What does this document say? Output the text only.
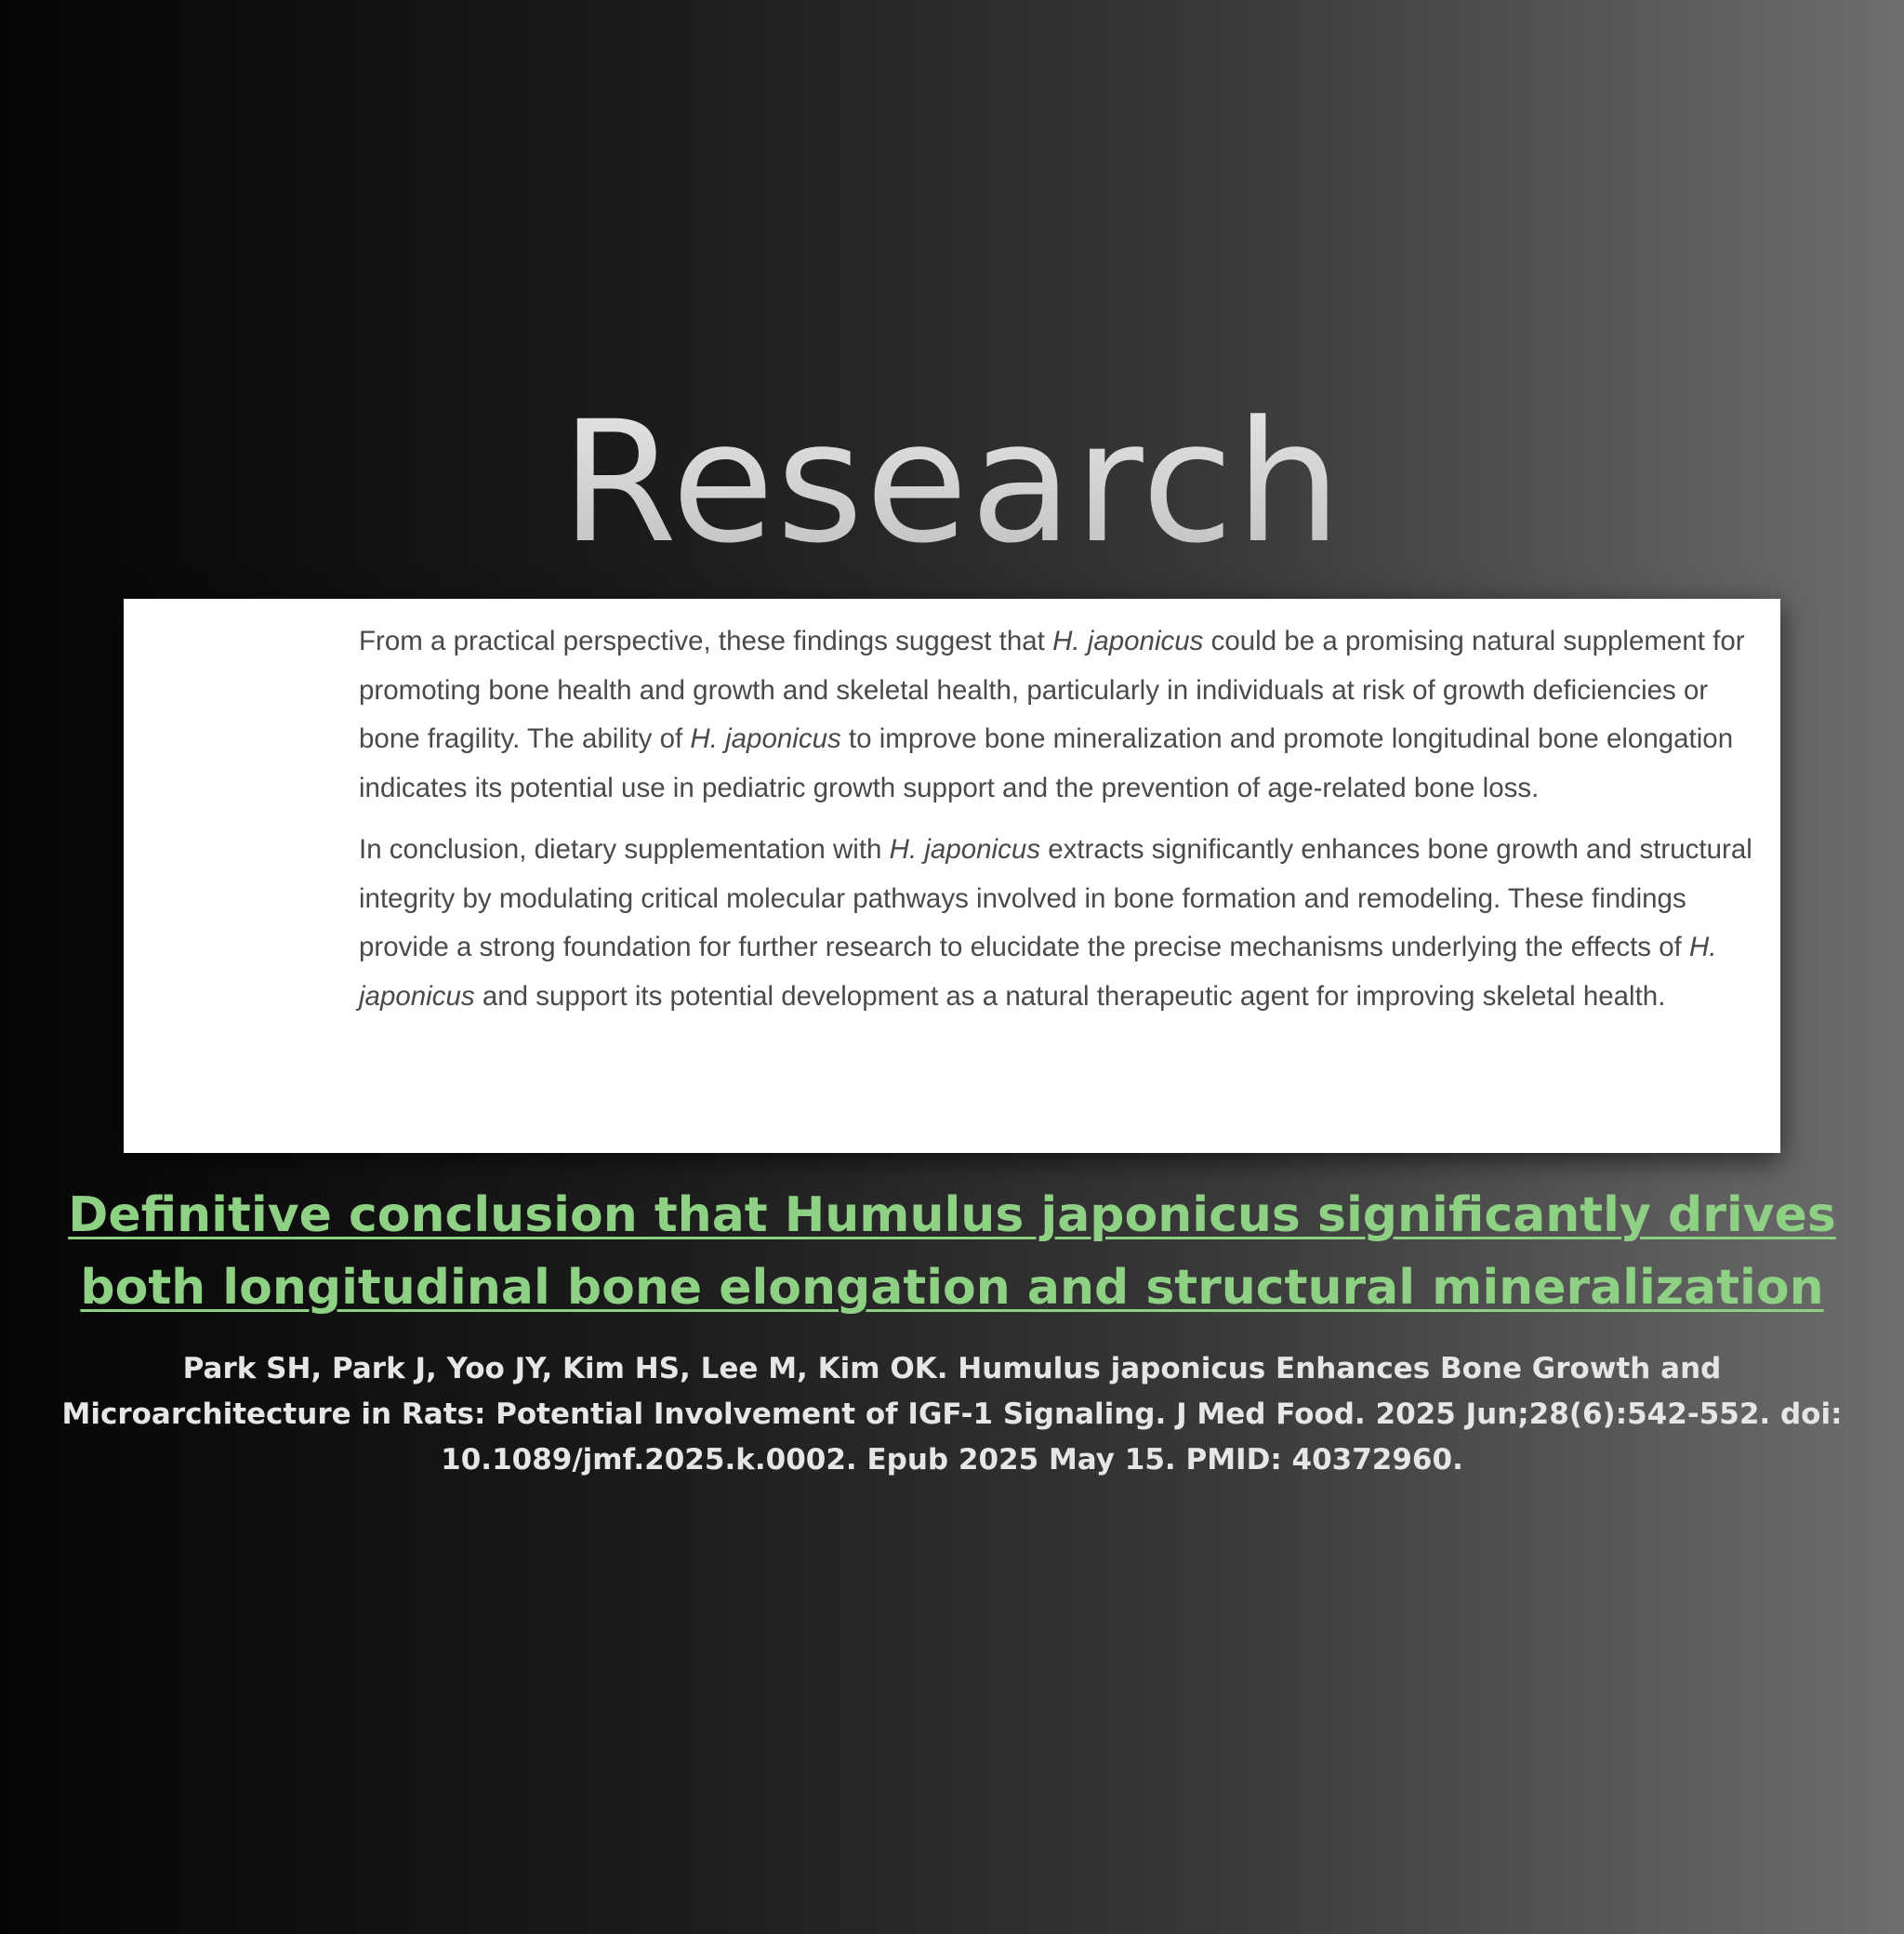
Research

From a practical perspective, these findings suggest that H. japonicus could be a promising natural supplement for promoting bone health and growth and skeletal health, particularly in individuals at risk of growth deficiencies or bone fragility. The ability of H. japonicus to improve bone mineralization and promote longitudinal bone elongation indicates its potential use in pediatric growth support and the prevention of age-related bone loss.

In conclusion, dietary supplementation with H. japonicus extracts significantly enhances bone growth and structural integrity by modulating critical molecular pathways involved in bone formation and remodeling. These findings provide a strong foundation for further research to elucidate the precise mechanisms underlying the effects of H. japonicus and support its potential development as a natural therapeutic agent for improving skeletal health.

Definitive conclusion that Humulus japonicus significantly drives both longitudinal bone elongation and structural mineralization
Park SH, Park J, Yoo JY, Kim HS, Lee M, Kim OK. Humulus japonicus Enhances Bone Growth and Microarchitecture in Rats: Potential Involvement of IGF-1 Signaling. J Med Food. 2025 Jun;28(6):542-552. doi: 10.1089/jmf.2025.k.0002. Epub 2025 May 15. PMID: 40372960.
